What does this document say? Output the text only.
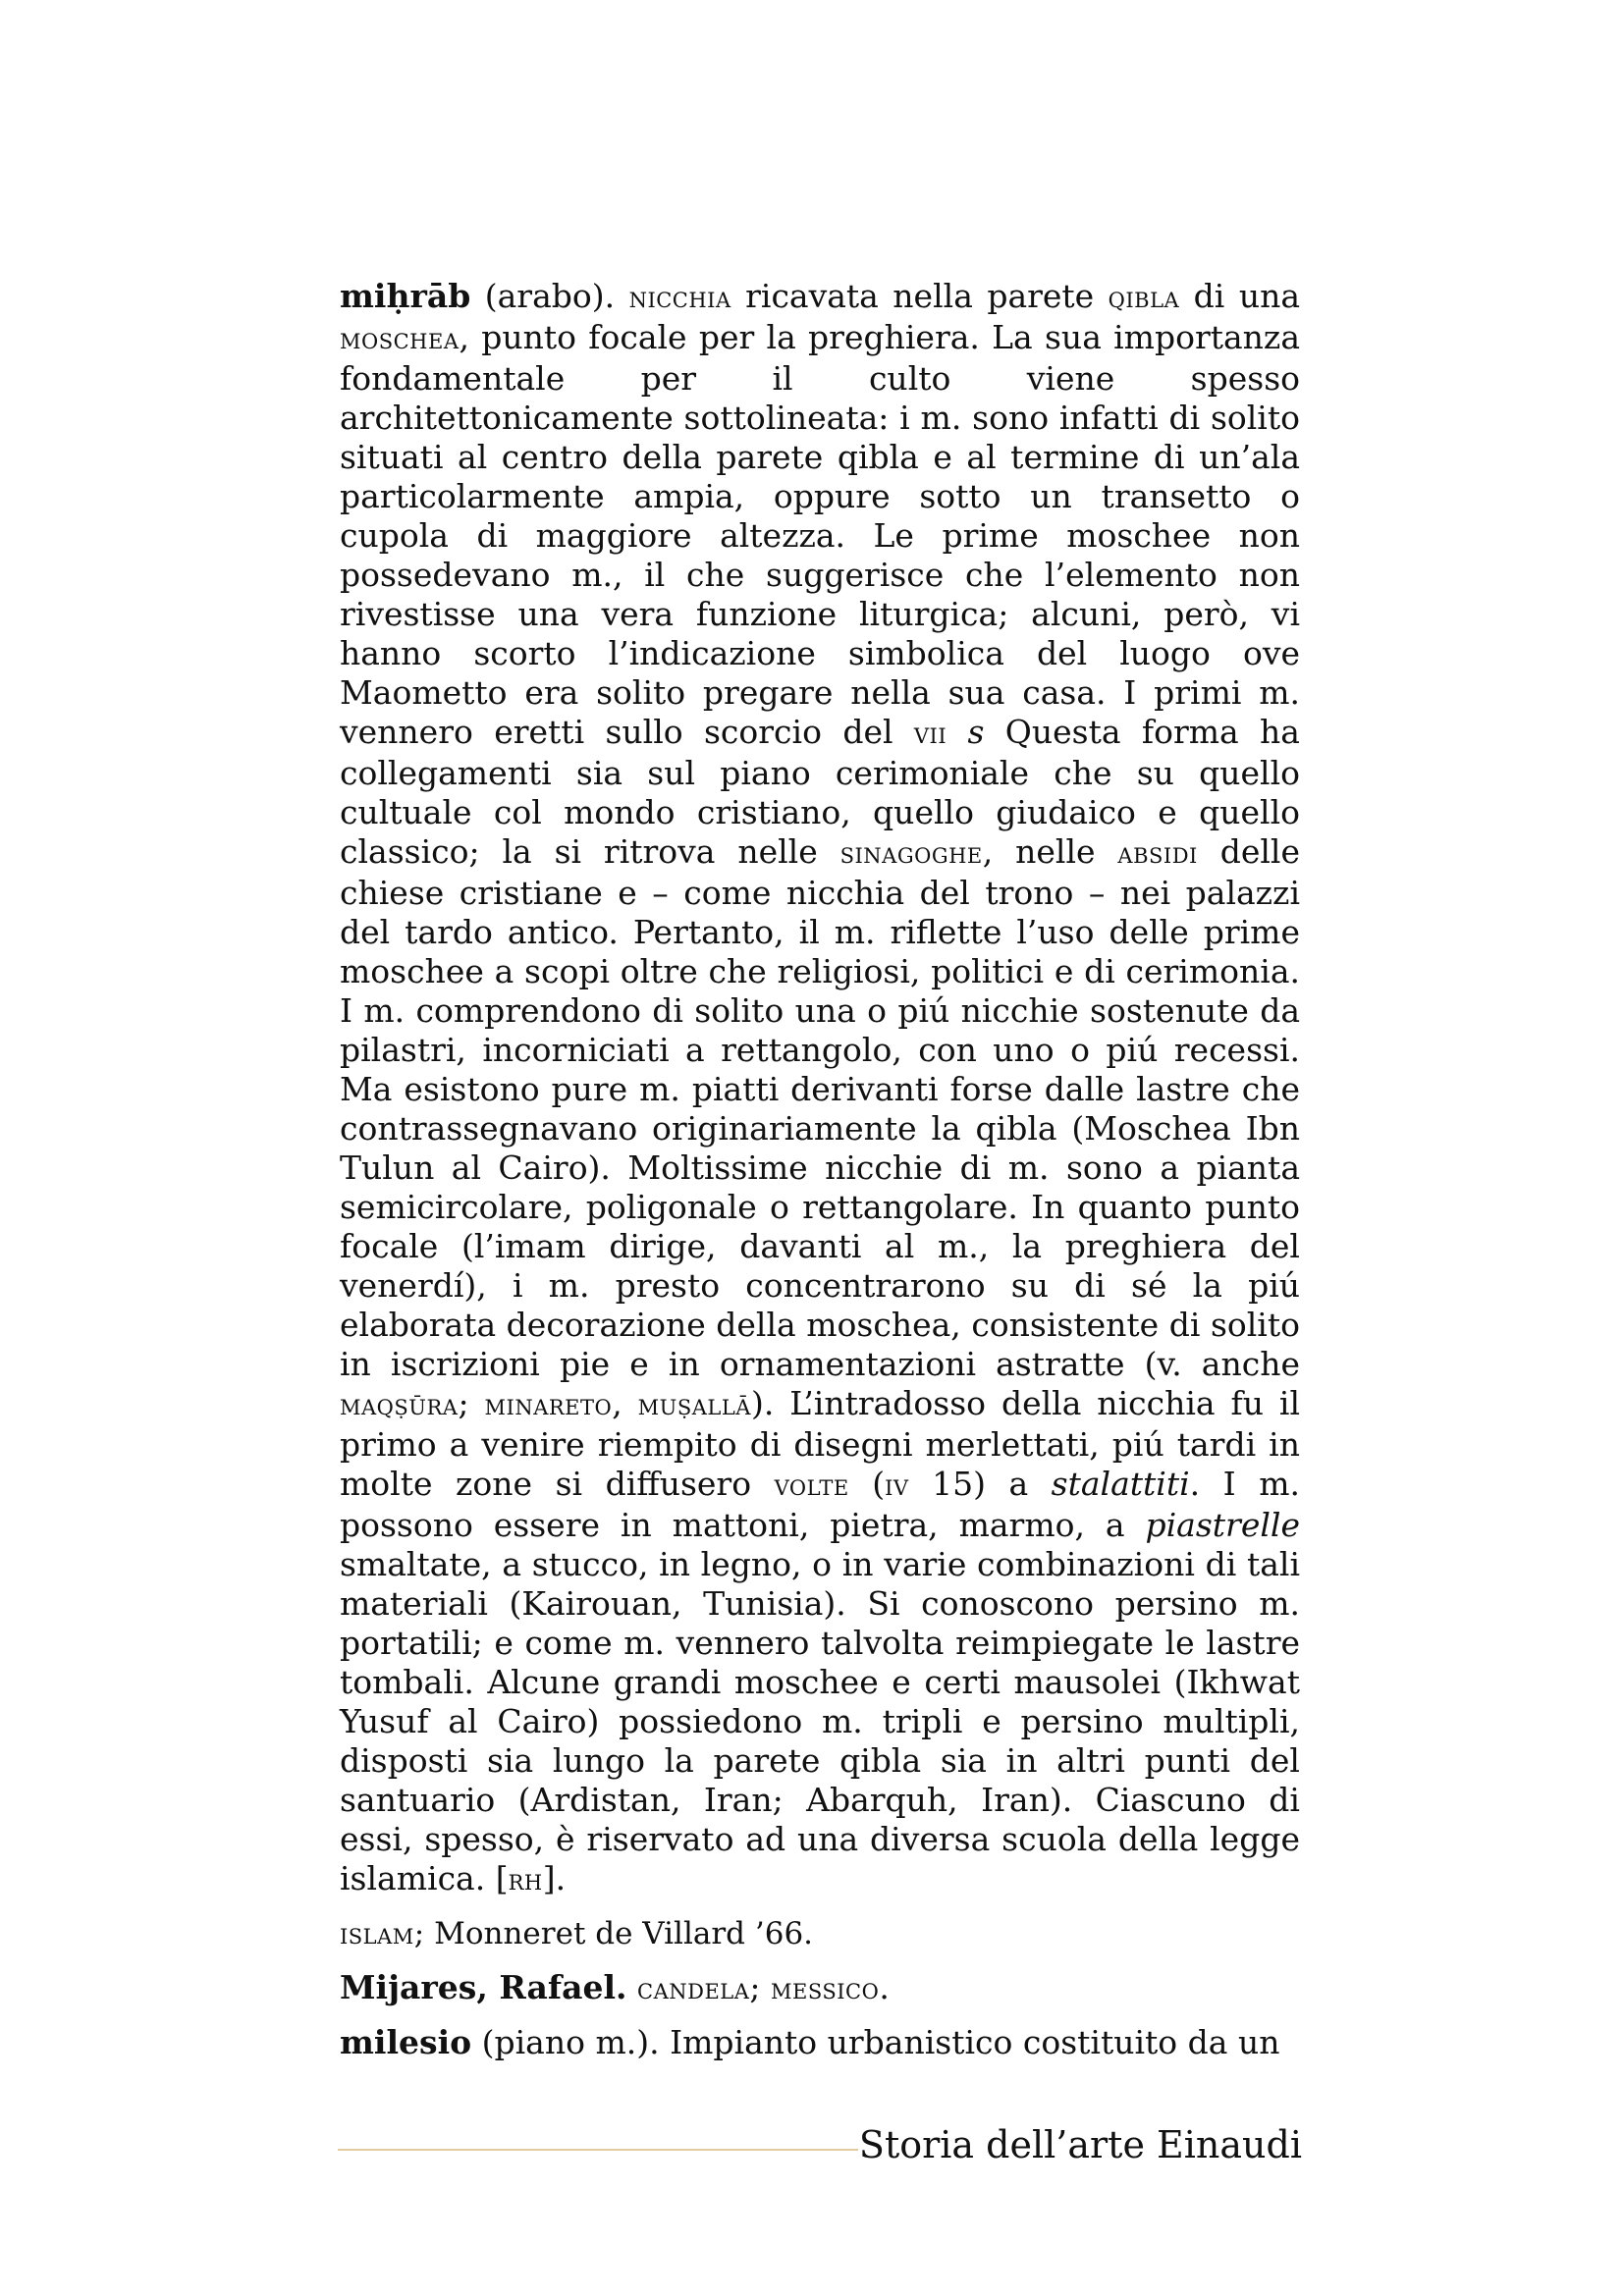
miḥrāb (arabo). nicchia ricavata nella parete qibla di una moschea, punto focale per la preghiera. La sua importanza fondamentale per il culto viene spesso architettonicamente sottolineata: i m. sono infatti di solito situati al centro della parete qibla e al termine di un’ala particolarmente ampia, oppure sotto un transetto o cupola di maggiore altezza. Le prime moschee non possedevano m., il che suggerisce che l’elemento non rivestisse una vera funzione liturgica; alcuni, però, vi hanno scorto l’indicazione simbolica del luogo ove Maometto era solito pregare nella sua casa. I primi m. vennero eretti sullo scorcio del vii s Questa forma ha collegamenti sia sul piano cerimoniale che su quello cultuale col mondo cristiano, quello giudaico e quello classico; la si ritrova nelle sinagoghe, nelle absidi delle chiese cristiane e – come nicchia del trono – nei palazzi del tardo antico. Pertanto, il m. riflette l’uso delle prime moschee a scopi oltre che religiosi, politici e di cerimonia. I m. comprendono di solito una o piú nicchie sostenute da pilastri, incorniciati a rettangolo, con uno o piú recessi. Ma esistono pure m. piatti derivanti forse dalle lastre che contrassegnavano originariamente la qibla (Moschea Ibn Tulun al Cairo). Moltissime nicchie di m. sono a pianta semicircolare, poligonale o rettangolare. In quanto punto focale (l’imam dirige, davanti al m., la preghiera del venerdí), i m. presto concentrarono su di sé la piú elaborata decorazione della moschea, consistente di solito in iscrizioni pie e in ornamentazioni astratte (v. anche maqṣūra; minareto, muṣallā). L’intradosso della nicchia fu il primo a venire riempito di disegni merlettati, piú tardi in molte zone si diffusero volte (iv 15) a stalattiti. I m. possono essere in mattoni, pietra, marmo, a piastrelle smaltate, a stucco, in legno, o in varie combinazioni di tali materiali (Kairouan, Tunisia). Si conoscono persino m. portatili; e come m. vennero talvolta reimpiegate le lastre tombali. Alcune grandi moschee e certi mausolei (Ikhwat Yusuf al Cairo) possiedono m. tripli e persino multipli, disposti sia lungo la parete qibla sia in altri punti del santuario (Ardistan, Iran; Abarquh, Iran). Ciascuno di essi, spesso, è riservato ad una diversa scuola della legge islamica. [rh].

islam; Monneret de Villard ’66.

Mijares, Rafael. candela; messico.

milesio (piano m.). Impianto urbanistico costituito da un

Storia dell’arte Einaudi
